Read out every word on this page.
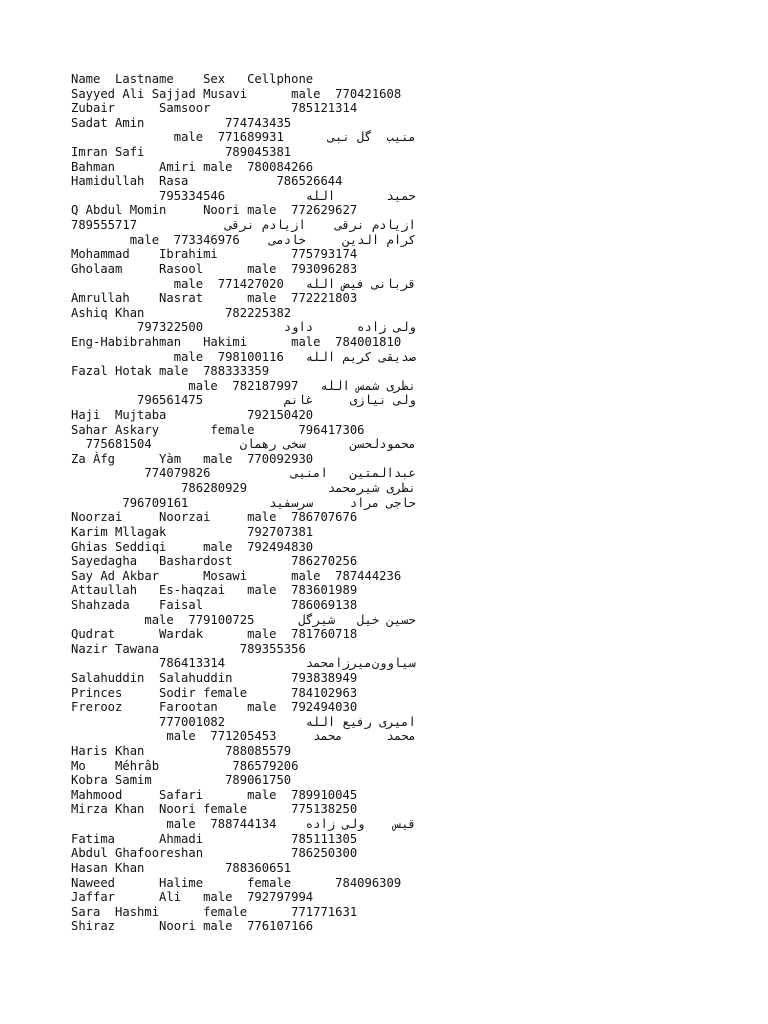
Name  Lastname    Sex   Cellphone
Sayyed Ali Sajjad Musavi      male  770421608
Zubair      Samsoor           785121314
Sadat Amin           774743435
منیب  گل نبی      male  771689931
Imran Safi           789045381
Bahman      Amiri male  780084266
Hamidullah  Rasa            786526644
حمید       الله           795334546
Q Abdul Momin     Noori male  772629627
ازیادم نرقی    ازیادم نرقی            789555717
کرام الدین     خادمی    male  773346976
Mohammad    Ibrahimi          775793174
Gholaam     Rasool      male  793096283
قربانی فیض الله   male  771427020
Amrullah    Nasrat      male  772221803
Ashiq Khan           782225382
ولی زاده      داود           797322500
Eng-Habibrahman   Hakimi      male  784001810
صدیقی کریم الله   male  798100116
Fazal Hotak male  788333359
نظری شمس الله   male  782187997
ولی نیازی     غانم           796561475
Haji  Mujtaba           792150420
Sahar Askary       female      796417306
محمودلحسن      سخی رهمان            775681504
Za Àfg      Yàm   male  770092930
عبدالمتین   امنیی           774079826
نظری شیرمحمد           786280929
حاجی مراد     سرسفید           796709161
Noorzai     Noorzai     male  786707676
Karim Mllagak           792707381
Ghias Seddiqi     male  792494830
Sayedagha   Bashardost        786270256
Say Ad Akbar      Mosawi      male  787444236
Attaullah   Es-haqzai   male  783601989
Shahzada    Faisal            786069138
حسین خیل   شیرگل      male  779100725
Qudrat      Wardak      male  781760718
Nazir Tawana           789355356
سیاوون‌میرزامحمد           786413314
Salahuddin  Salahuddin        793838949
Princes     Sodir female      784102963
Frerooz     Farootan    male  792494030
امیری رفیع الله           777001082
محمد      محمد     male  771205453
Haris Khan           788085579
Mo    Méhrâb          786579206
Kobra Samim          789061750
Mahmood     Safari      male  789910045
Mirza Khan  Noori female      775138250
قیس    ولی زاده    male  788744134
Fatima      Ahmadi            785111305
Abdul Ghafooreshan            786250300
Hasan Khan           788360651
Naweed      Halime      female      784096309
Jaffar      Ali   male  792797994
Sara  Hashmi      female      771771631
Shiraz      Noori male  776107166
